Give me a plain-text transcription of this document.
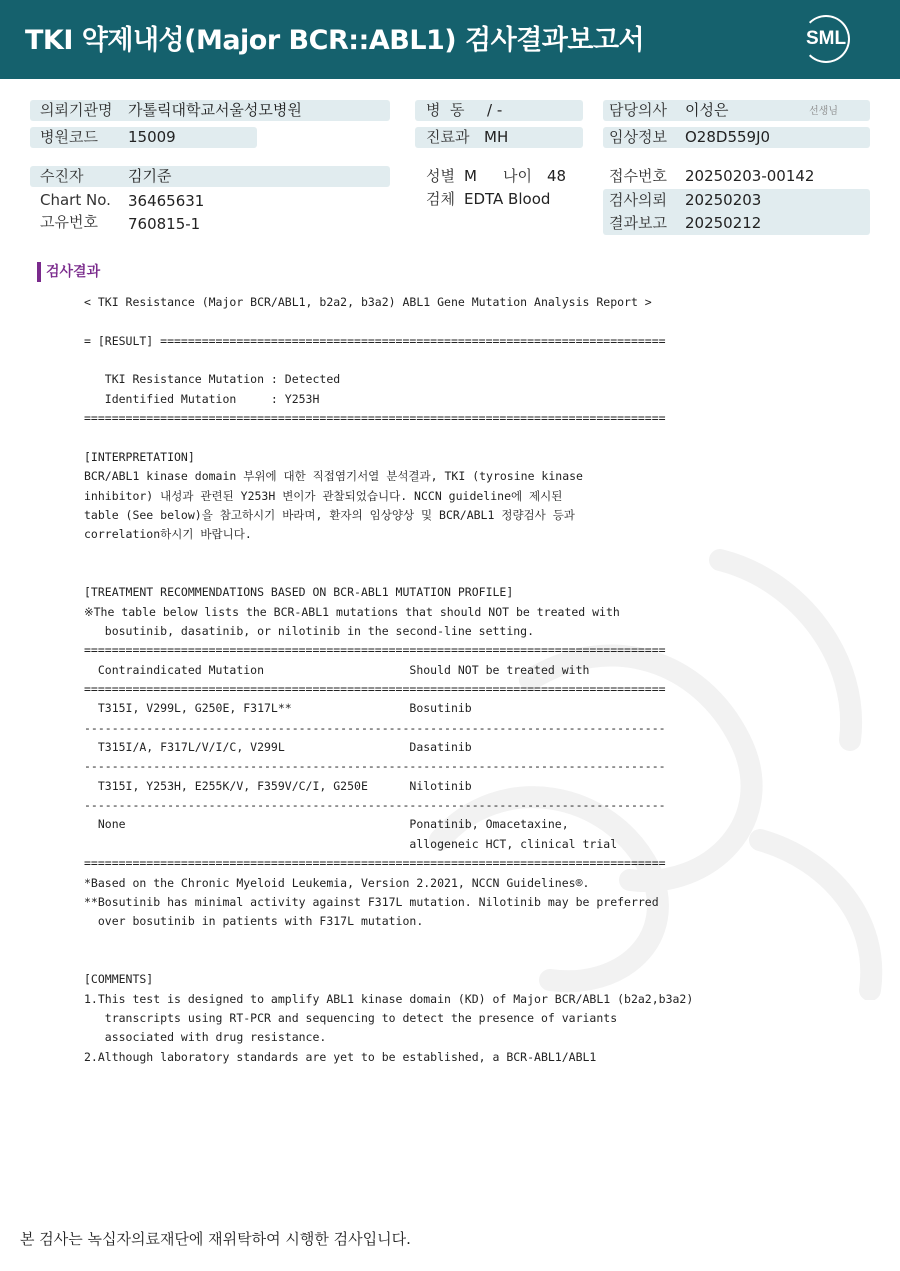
TKI 약제내성(Major BCR::ABL1) 검사결과보고서	SML
의뢰기관명 가톨릭대학교서울성모병원
병원코드 15009
병  동 / -
진료과 MH
담당의사 이성은	선생님
임상정보 O28D559J0
수진자	김기준
Chart No. 36465631
고유번호 760815-1
성별 M 나이 48
검체 EDTA Blood
접수번호 20250203-00142
검사의뢰 20250203
결과보고 20250212
검사결과
< TKI Resistance (Major BCR/ABL1, b2a2, b3a2) ABL1 Gene Mutation Analysis Report >
= [RESULT] =========================================================================
TKI Resistance Mutation : Detected
Identified Mutation     : Y253H
====================================================================================
[INTERPRETATION]
BCR/ABL1 kinase domain 부위에 대한 직접염기서열 분석결과, TKI (tyrosine kinase
inhibitor) 내성과 관련된 Y253H 변이가 관찰되었습니다. NCCN guideline에 제시된
table (See below)을 참고하시기 바라며, 환자의 임상양상 및 BCR/ABL1 정량검사 등과
correlation하시기 바랍니다.
[TREATMENT RECOMMENDATIONS BASED ON BCR-ABL1 MUTATION PROFILE]
※The table below lists the BCR-ABL1 mutations that should NOT be treated with
bosutinib, dasatinib, or nilotinib in the second-line setting.
====================================================================================
Contraindicated Mutation                     Should NOT be treated with
====================================================================================
T315I, V299L, G250E, F317L**                 Bosutinib
------------------------------------------------------------------------------------
T315I/A, F317L/V/I/C, V299L                  Dasatinib
------------------------------------------------------------------------------------
T315I, Y253H, E255K/V, F359V/C/I, G250E      Nilotinib
------------------------------------------------------------------------------------
None                                         Ponatinib, Omacetaxine,
allogeneic HCT, clinical trial
====================================================================================
*Based on the Chronic Myeloid Leukemia, Version 2.2021, NCCN Guidelines®.
**Bosutinib has minimal activity against F317L mutation. Nilotinib may be preferred
over bosutinib in patients with F317L mutation.
[COMMENTS]
1.This test is designed to amplify ABL1 kinase domain (KD) of Major BCR/ABL1 (b2a2,b3a2)
transcripts using RT-PCR and sequencing to detect the presence of variants
associated with drug resistance.
2.Although laboratory standards are yet to be established, a BCR-ABL1/ABL1
본 검사는 녹십자의료재단에 재위탁하여 시행한 검사입니다.
